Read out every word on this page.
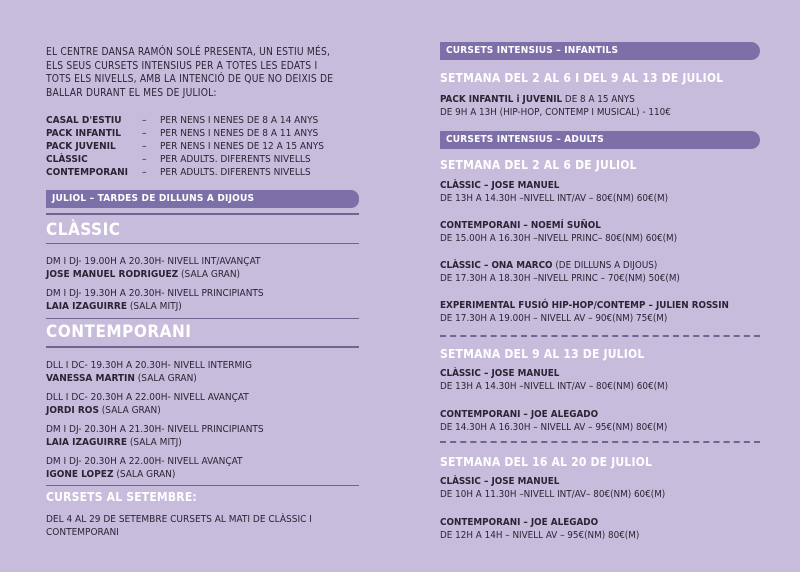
EL CENTRE DANSA RAMÓN SOLÉ PRESENTA, UN ESTIU MÉS,
ELS SEUS CURSETS INTENSIUS PER A TOTES LES EDATS I
TOTS ELS NIVELLS, AMB LA INTENCIÓ DE QUE NO DEIXIS DE
BALLAR DURANT EL MES DE JULIOL:
CASAL D'ESTIU	–	PER NENS I NENES DE 8 A 14 ANYS
PACK INFANTIL	–	PER NENS I NENES DE 8 A 11 ANYS
PACK JUVENIL	–	PER NENS I NENES DE 12 A 15 ANYS
CLÀSSIC	–	PER ADULTS. DIFERENTS NIVELLS
CONTEMPORANI	–	PER ADULTS. DIFERENTS NIVELLS
JULIOL – TARDES DE DILLUNS A DIJOUS
CLÀSSIC
DM I DJ- 19.00H A 20.30H- NIVELL INT/AVANÇAT
JOSE MANUEL RODRIGUEZ (SALA GRAN)
DM I DJ- 19.30H A 20.30H- NIVELL PRINCIPIANTS
LAIA IZAGUIRRE (SALA MITJ)
CONTEMPORANI
DLL I DC- 19.30H A 20.30H- NIVELL INTERMIG
VANESSA MARTIN (SALA GRAN)
DLL I DC- 20.30H A 22.00H- NIVELL AVANÇAT
JORDI ROS (SALA GRAN)
DM I DJ- 20.30H A 21.30H- NIVELL PRINCIPIANTS
LAIA IZAGUIRRE (SALA MITJ)
DM I DJ- 20.30H A 22.00H- NIVELL AVANÇAT
IGONE LOPEZ (SALA GRAN)
CURSETS AL SETEMBRE:
DEL 4 AL 29 DE SETEMBRE CURSETS AL MATI DE CLÀSSIC I
CONTEMPORANI
CURSETS INTENSIUS – INFANTILS
SETMANA DEL 2 AL 6 I DEL 9 AL 13 DE JULIOL
PACK INFANTIL i JUVENIL DE 8 A 15 ANYS
DE 9H A 13H (HIP-HOP, CONTEMP I MUSICAL) - 110€
CURSETS INTENSIUS – ADULTS
SETMANA DEL 2 AL 6 DE JULIOL
CLÀSSIC – JOSE MANUEL
DE 13H A 14.30H –NIVELL INT/AV – 80€(NM) 60€(M)
CONTEMPORANI – NOEMÍ SUÑOL
DE 15.00H A 16.30H –NIVELL PRINC– 80€(NM) 60€(M)
CLÀSSIC – ONA MARCO (DE DILLUNS A DIJOUS)
DE 17.30H A 18.30H –NIVELL PRINC – 70€(NM) 50€(M)
EXPERIMENTAL FUSIÓ HIP-HOP/CONTEMP – JULIEN ROSSIN
DE 17.30H A 19.00H – NIVELL AV – 90€(NM) 75€(M)
SETMANA DEL 9 AL 13 DE JULIOL
CLÀSSIC – JOSE MANUEL
DE 13H A 14.30H –NIVELL INT/AV – 80€(NM) 60€(M)
CONTEMPORANI – JOE ALEGADO
DE 14.30H A 16.30H – NIVELL AV – 95€(NM) 80€(M)
SETMANA DEL 16 AL 20 DE JULIOL
CLÀSSIC – JOSE MANUEL
DE 10H A 11.30H –NIVELL INT/AV– 80€(NM) 60€(M)
CONTEMPORANI – JOE ALEGADO
DE 12H A 14H – NIVELL AV – 95€(NM) 80€(M)
